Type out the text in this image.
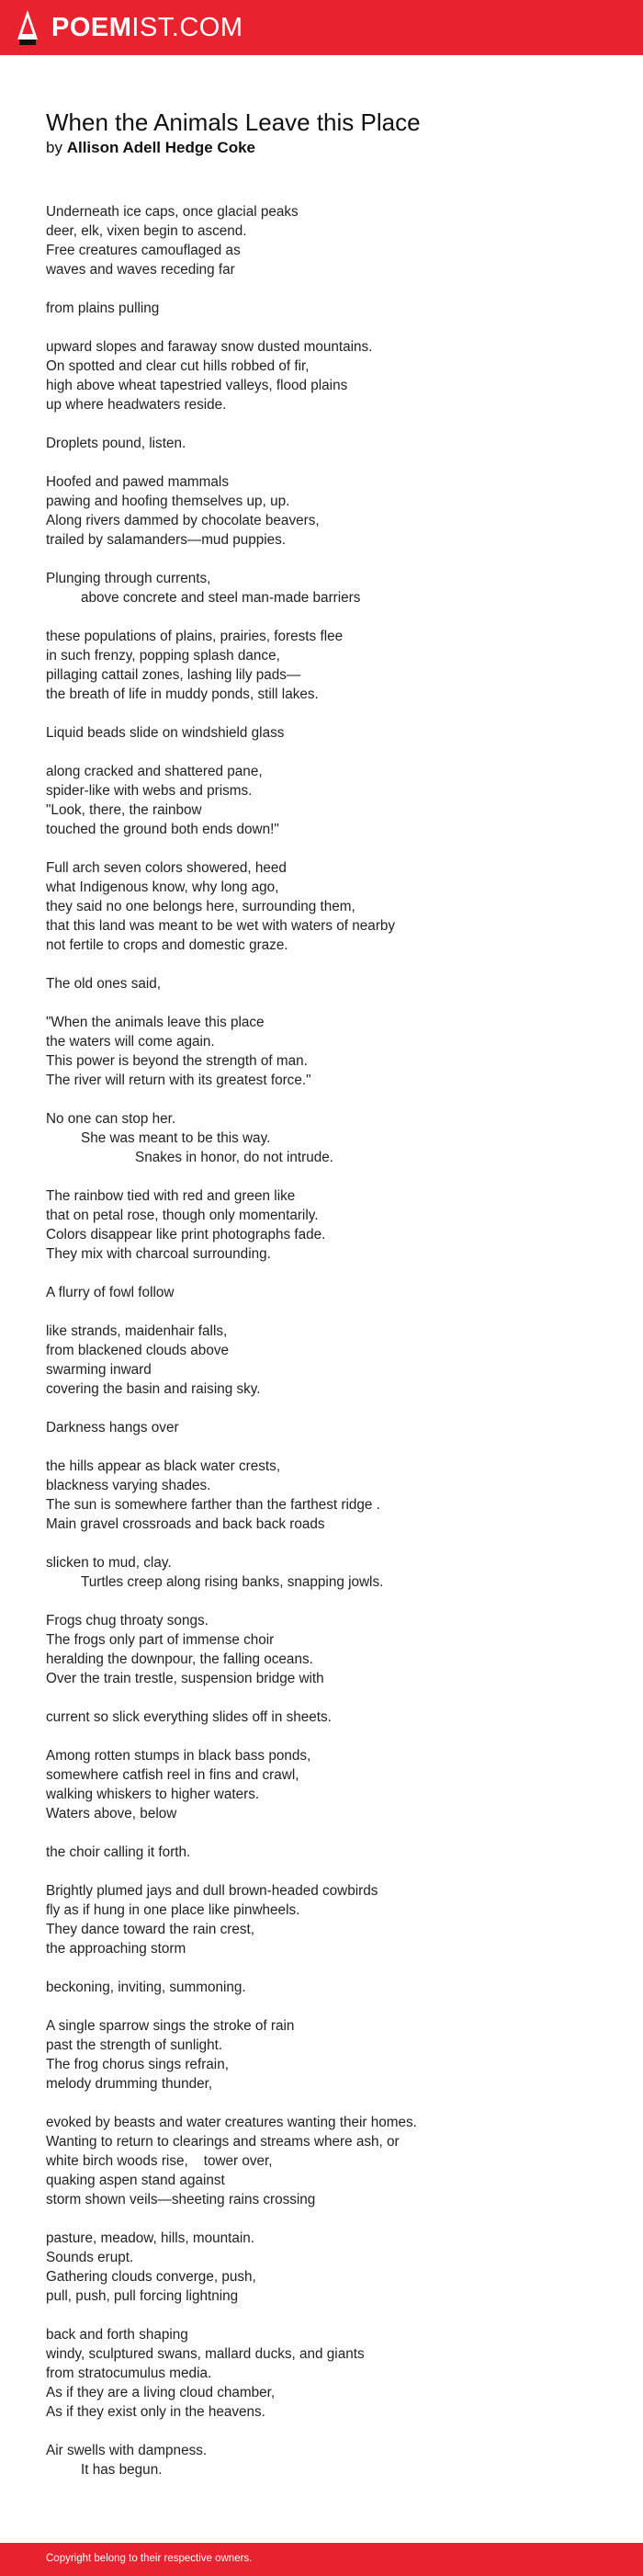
POEMIST.COM
When the Animals Leave this Place
by Allison Adell Hedge Coke
Underneath ice caps, once glacial peaks
deer, elk, vixen begin to ascend.
Free creatures camouflaged as
waves and waves receding far
from plains pulling
upward slopes and faraway snow dusted mountains.
On spotted and clear cut hills robbed of fir,
high above wheat tapestried valleys, flood plains
up where headwaters reside.
Droplets pound, listen.
Hoofed and pawed mammals
pawing and hoofing themselves up, up.
Along rivers dammed by chocolate beavers,
trailed by salamanders—mud puppies.
Plunging through currents,
above concrete and steel man-made barriers
these populations of plains, prairies, forests flee
in such frenzy, popping splash dance,
pillaging cattail zones, lashing lily pads—
the breath of life in muddy ponds, still lakes.
Liquid beads slide on windshield glass
along cracked and shattered pane,
spider-like with webs and prisms.
"Look, there, the rainbow
touched the ground both ends down!"
Full arch seven colors showered, heed
what Indigenous know, why long ago,
they said no one belongs here, surrounding them,
that this land was meant to be wet with waters of nearby
not fertile to crops and domestic graze.
The old ones said,
"When the animals leave this place
the waters will come again.
This power is beyond the strength of man.
The river will return with its greatest force."
No one can stop her.
She was meant to be this way.
Snakes in honor, do not intrude.
The rainbow tied with red and green like
that on petal rose, though only momentarily.
Colors disappear like print photographs fade.
They mix with charcoal surrounding.
A flurry of fowl follow
like strands, maidenhair falls,
from blackened clouds above
swarming inward
covering the basin and raising sky.
Darkness hangs over
the hills appear as black water crests,
blackness varying shades.
The sun is somewhere farther than the farthest ridge .
Main gravel crossroads and back back roads
slicken to mud, clay.
Turtles creep along rising banks, snapping jowls.
Frogs chug throaty songs.
The frogs only part of immense choir
heralding the downpour, the falling oceans.
Over the train trestle, suspension bridge with
current so slick everything slides off in sheets.
Among rotten stumps in black bass ponds,
somewhere catfish reel in fins and crawl,
walking whiskers to higher waters.
Waters above, below
the choir calling it forth.
Brightly plumed jays and dull brown-headed cowbirds
fly as if hung in one place like pinwheels.
They dance toward the rain crest,
the approaching storm
beckoning, inviting, summoning.
A single sparrow sings the stroke of rain
past the strength of sunlight.
The frog chorus sings refrain,
melody drumming thunder,
evoked by beasts and water creatures wanting their homes.
Wanting to return to clearings and streams where ash, or
white birch woods rise,    tower over,
quaking aspen stand against
storm shown veils—sheeting rains crossing
pasture, meadow, hills, mountain.
Sounds erupt.
Gathering clouds converge, push,
pull, push, pull forcing lightning
back and forth shaping
windy, sculptured swans, mallard ducks, and giants
from stratocumulus media.
As if they are a living cloud chamber,
As if they exist only in the heavens.
Air swells with dampness.
It has begun.
Copyright belong to their respective owners.
